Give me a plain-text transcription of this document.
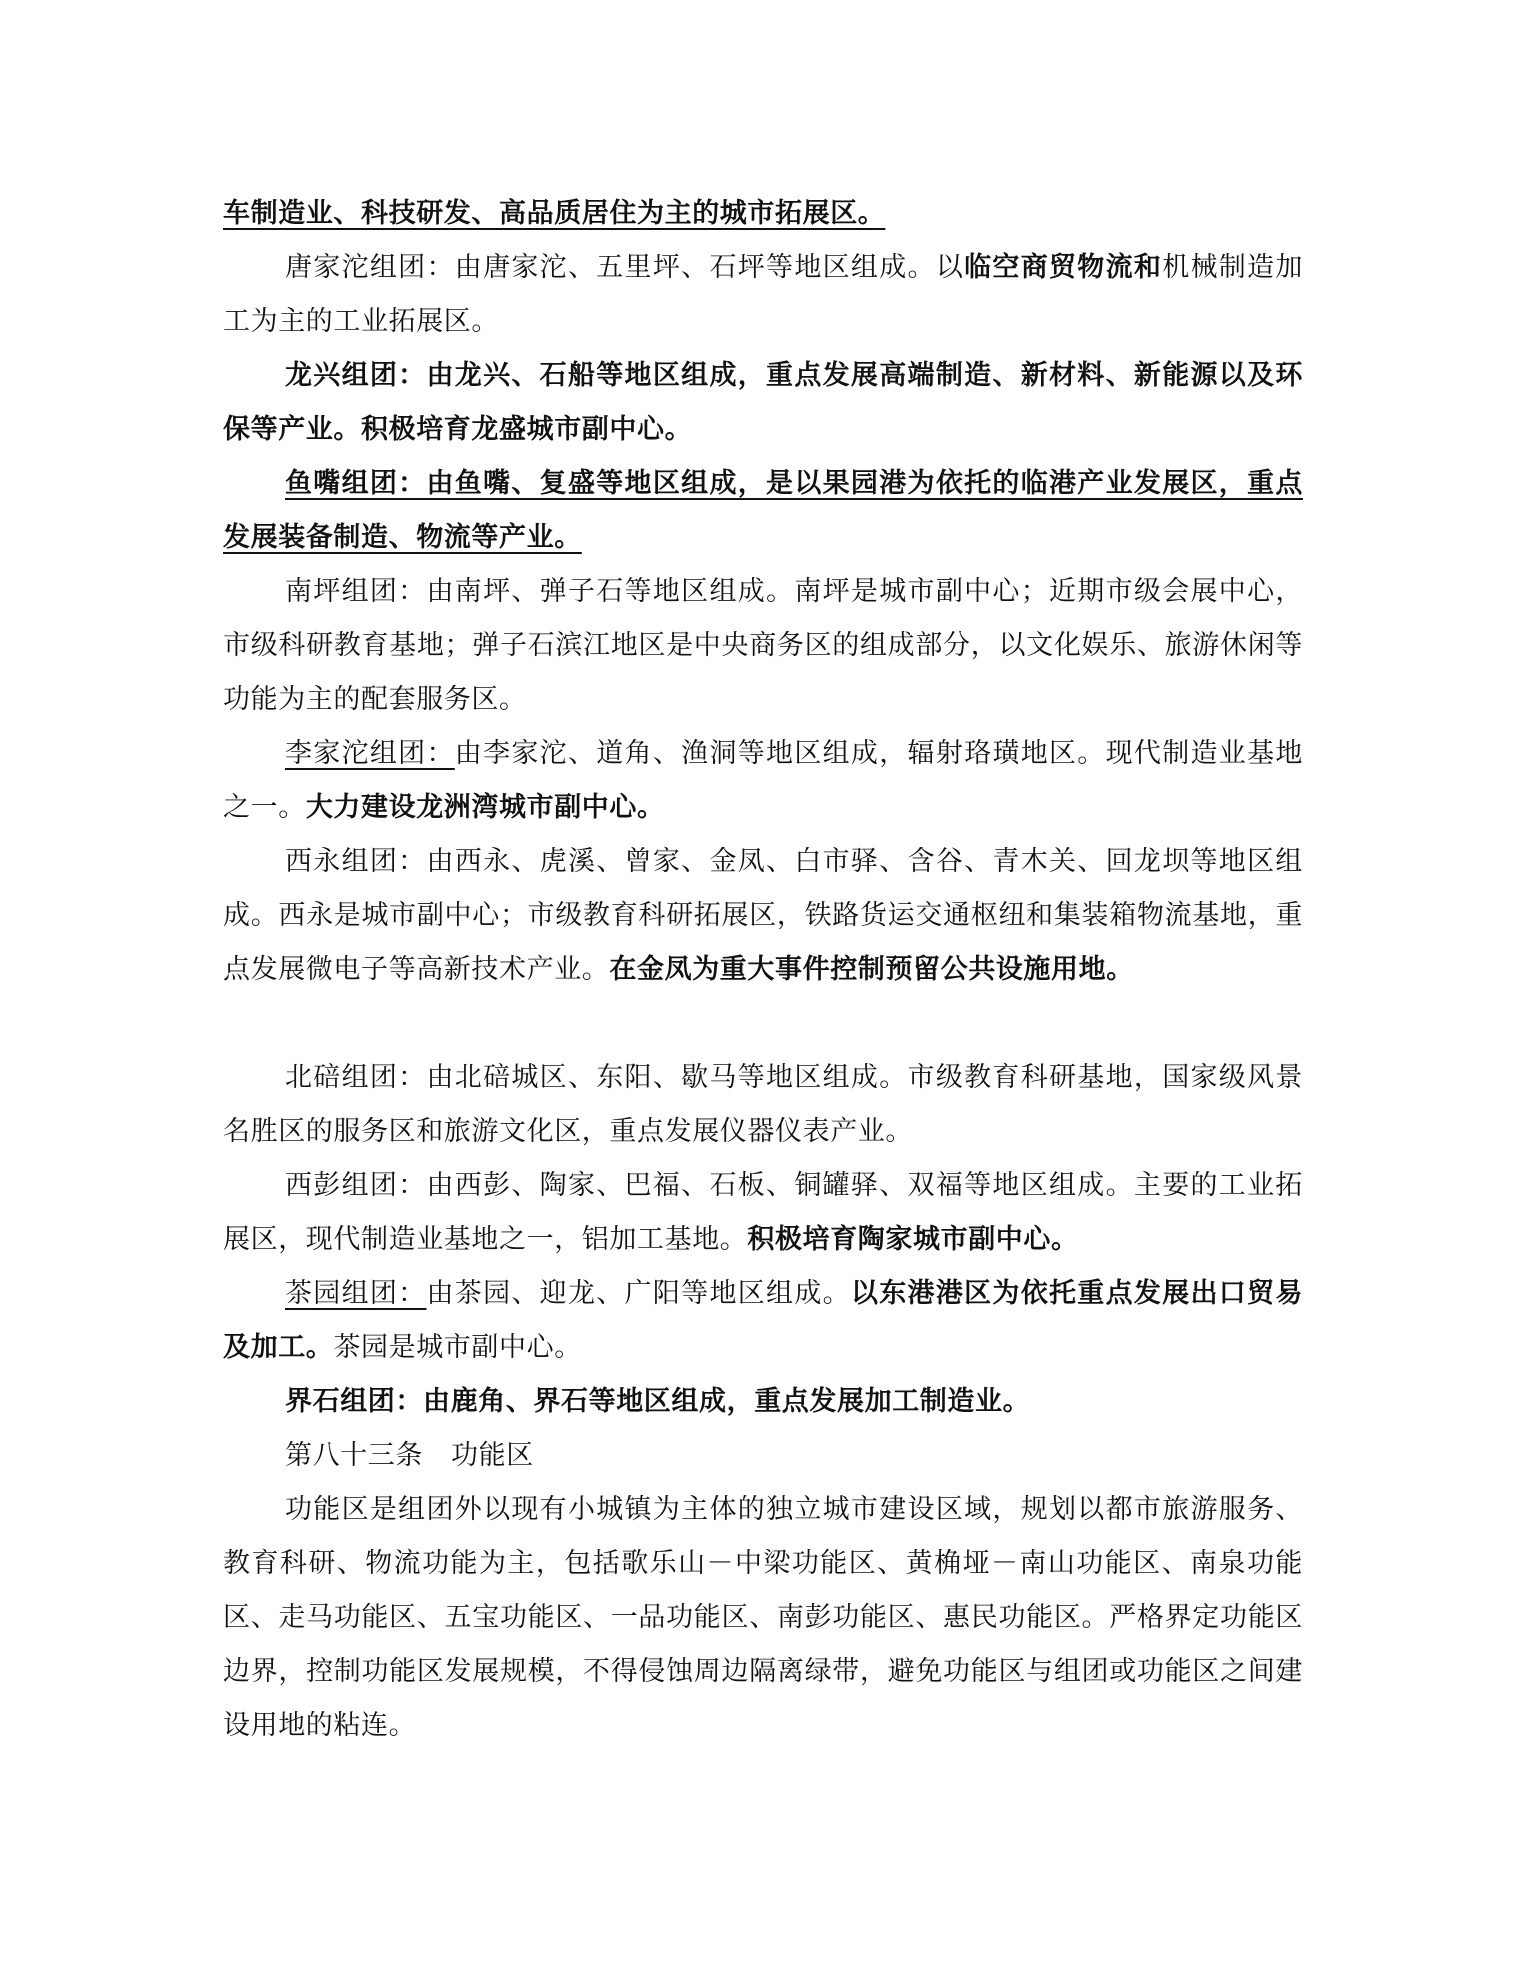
车制造业、科技研发、高品质居住为主的城市拓展区。

唐家沱组团：由唐家沱、五里坪、石坪等地区组成。以临空商贸物流和机械制造加工为主的工业拓展区。

龙兴组团：由龙兴、石船等地区组成，重点发展高端制造、新材料、新能源以及环保等产业。积极培育龙盛城市副中心。

鱼嘴组团：由鱼嘴、复盛等地区组成，是以果园港为依托的临港产业发展区，重点发展装备制造、物流等产业。

南坪组团：由南坪、弹子石等地区组成。南坪是城市副中心；近期市级会展中心，市级科研教育基地；弹子石滨江地区是中央商务区的组成部分，以文化娱乐、旅游休闲等功能为主的配套服务区。

李家沱组团：由李家沱、道角、渔洞等地区组成，辐射珞璜地区。现代制造业基地之一。大力建设龙洲湾城市副中心。

西永组团：由西永、虎溪、曾家、金凤、白市驿、含谷、青木关、回龙坝等地区组成。西永是城市副中心；市级教育科研拓展区，铁路货运交通枢纽和集装箱物流基地，重点发展微电子等高新技术产业。在金凤为重大事件控制预留公共设施用地。

北碚组团：由北碚城区、东阳、歇马等地区组成。市级教育科研基地，国家级风景名胜区的服务区和旅游文化区，重点发展仪器仪表产业。

西彭组团：由西彭、陶家、巴福、石板、铜罐驿、双福等地区组成。主要的工业拓展区，现代制造业基地之一，铝加工基地。积极培育陶家城市副中心。

茶园组团：由茶园、迎龙、广阳等地区组成。以东港港区为依托重点发展出口贸易及加工。茶园是城市副中心。

界石组团：由鹿角、界石等地区组成，重点发展加工制造业。

第八十三条 功能区

功能区是组团外以现有小城镇为主体的独立城市建设区域，规划以都市旅游服务、教育科研、物流功能为主，包括歌乐山－中梁功能区、黄桷垭－南山功能区、南泉功能区、走马功能区、五宝功能区、一品功能区、南彭功能区、惠民功能区。严格界定功能区边界，控制功能区发展规模，不得侵蚀周边隔离绿带，避免功能区与组团或功能区之间建设用地的粘连。
